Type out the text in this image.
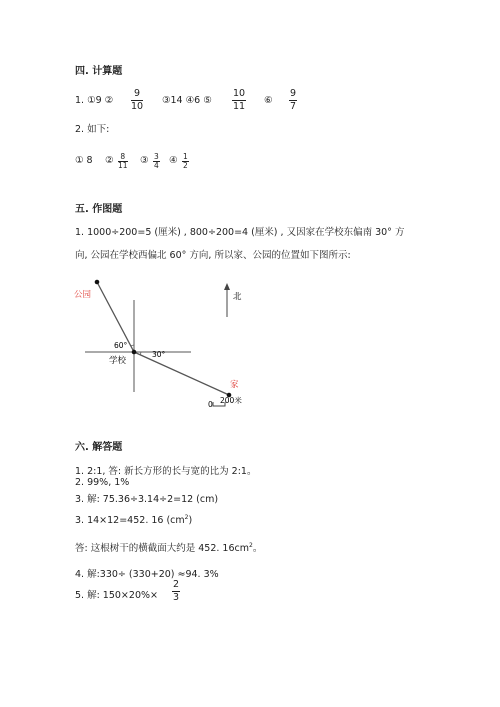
四. 计算题
1. ①9 ②
9
10 ③14 ④6 ⑤
10
11 ⑥
9
7
2. 如下:
① 8 ② 8
11 ③ 3
4 ④ 1
2
五. 作图题
1. 1000÷200=5 (厘米) , 800÷200=4 (厘米) , 又因家在学校东偏南 30° 方
向, 公园在学校西偏北 60° 方向, 所以家、公园的位置如下图所示:
公园
60°
30°
学校
家
北
0 200米
六. 解答题
1. 2:1, 答: 新长方形的长与宽的比为 2:1。
2. 99%, 1%
3. 解: 75.36÷3.14÷2=12 (cm)
3. 14×12=452. 16 $(cm^2)$
答: 这根树干的横截面大约是 452. $16cm^2$。
4. 解:330÷ (330+20) ≈94. 3%
5. 解: 150×20%×
2
3
